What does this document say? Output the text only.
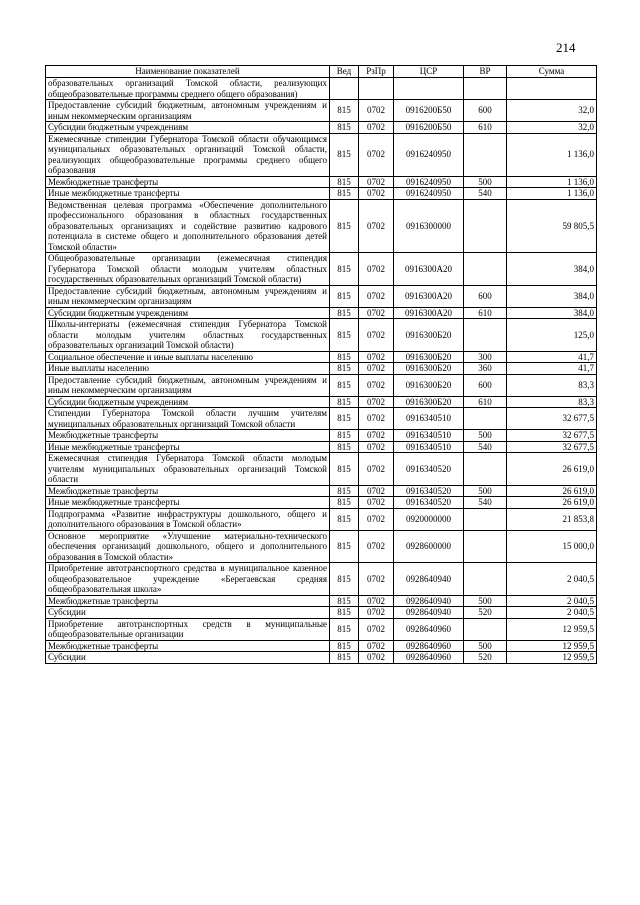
214
Наименование показателей	Вед	РзПр	ЦСР	ВР	Сумма
образовательных организаций Томской области, реализующих общеобразовательные программы среднего общего образования)					
Предоставление субсидий бюджетным, автономным учреждениям и иным некоммерческим организациям	815	0702	0916200Б50	600	32,0
Субсидии бюджетным учреждениям	815	0702	0916200Б50	610	32,0
Ежемесячные стипендии Губернатора Томской области обучающимся муниципальных образовательных организаций Томской области, реализующих общеобразовательные программы среднего общего образования	815	0702	0916240950		1 136,0
Межбюджетные трансферты	815	0702	0916240950	500	1 136,0
Иные межбюджетные трансферты	815	0702	0916240950	540	1 136,0
Ведомственная целевая программа «Обеспечение дополнительного профессионального образования в областных государственных образовательных организациях и содействие развитию кадрового потенциала в системе общего и дополнительного образования детей Томской области»	815	0702	0916300000		59 805,5
Общеобразовательные организации (ежемесячная стипендия Губернатора Томской области молодым учителям областных государственных образовательных организаций Томской области)	815	0702	0916300А20		384,0
Предоставление субсидий бюджетным, автономным учреждениям и иным некоммерческим организациям	815	0702	0916300А20	600	384,0
Субсидии бюджетным учреждениям	815	0702	0916300А20	610	384,0
Школы-интернаты (ежемесячная стипендия Губернатора Томской области молодым учителям областных государственных образовательных организаций Томской области)	815	0702	0916300Б20		125,0
Социальное обеспечение и иные выплаты населению	815	0702	0916300Б20	300	41,7
Иные выплаты населению	815	0702	0916300Б20	360	41,7
Предоставление субсидий бюджетным, автономным учреждениям и иным некоммерческим организациям	815	0702	0916300Б20	600	83,3
Субсидии бюджетным учреждениям	815	0702	0916300Б20	610	83,3
Стипендии Губернатора Томской области лучшим учителям муниципальных образовательных организаций Томской области	815	0702	0916340510		32 677,5
Межбюджетные трансферты	815	0702	0916340510	500	32 677,5
Иные межбюджетные трансферты	815	0702	0916340510	540	32 677,5
Ежемесячная стипендия Губернатора Томской области молодым учителям муниципальных образовательных организаций Томской области	815	0702	0916340520		26 619,0
Межбюджетные трансферты	815	0702	0916340520	500	26 619,0
Иные межбюджетные трансферты	815	0702	0916340520	540	26 619,0
Подпрограмма «Развитие инфраструктуры дошкольного, общего и дополнительного образования в Томской области»	815	0702	0920000000		21 853,8
Основное мероприятие «Улучшение материально-технического обеспечения организаций дошкольного, общего и дополнительного образования в Томской области»	815	0702	0928600000		15 000,0
Приобретение автотранспортного средства в муниципальное казенное общеобразовательное учреждение «Берегаевская средняя общеобразовательная школа»	815	0702	0928640940		2 040,5
Межбюджетные трансферты	815	0702	0928640940	500	2 040,5
Субсидии	815	0702	0928640940	520	2 040,5
Приобретение автотранспортных средств в муниципальные общеобразовательные организации	815	0702	0928640960		12 959,5
Межбюджетные трансферты	815	0702	0928640960	500	12 959,5
Субсидии	815	0702	0928640960	520	12 959,5
